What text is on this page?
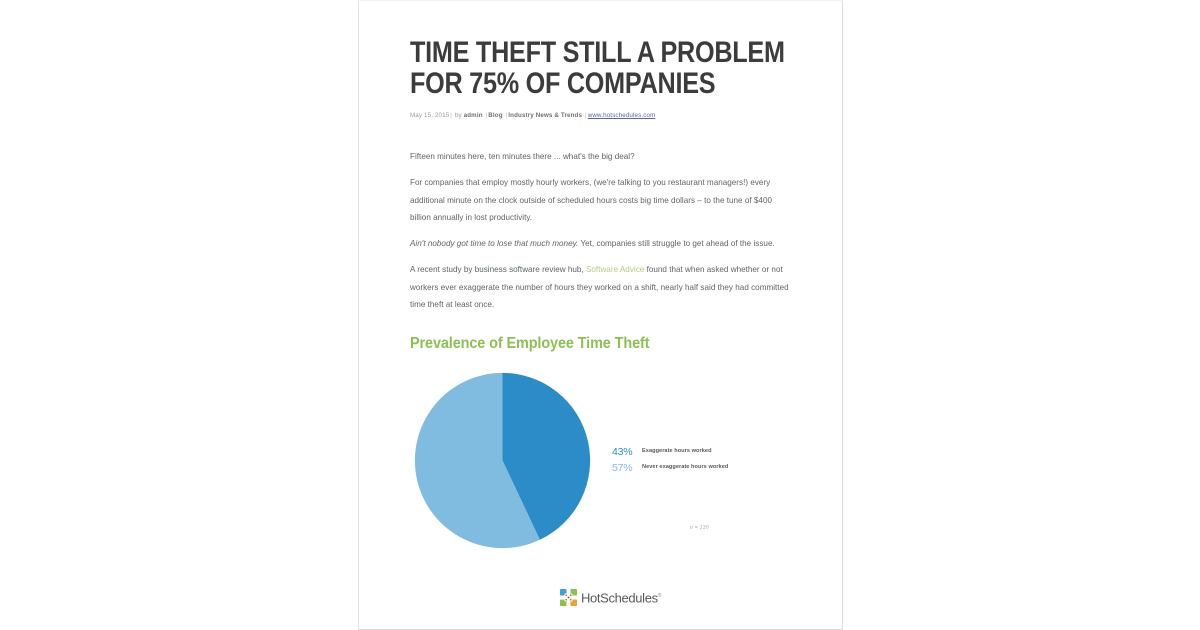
TIME THEFT STILL A PROBLEM FOR 75% OF COMPANIES
May 15, 2015| by admin |Blog |Industry News & Trends |www.hotschedules.com

Fifteen minutes here, ten minutes there ... what's the big deal?

For companies that employ mostly hourly workers, (we're talking to you restaurant managers!) every additional minute on the clock outside of scheduled hours costs big time dollars – to the tune of $400 billion annually in lost productivity.

Ain't nobody got time to lose that much money. Yet, companies still struggle to get ahead of the issue.

A recent study by business software review hub, Software Advice found that when asked whether or not workers ever exaggerate the number of hours they worked on a shift, nearly half said they had committed time theft at least once.

Prevalence of Employee Time Theft
43%	Exaggerate hours worked
57%	Never exaggerate hours worked
n = 130
HotSchedules®
